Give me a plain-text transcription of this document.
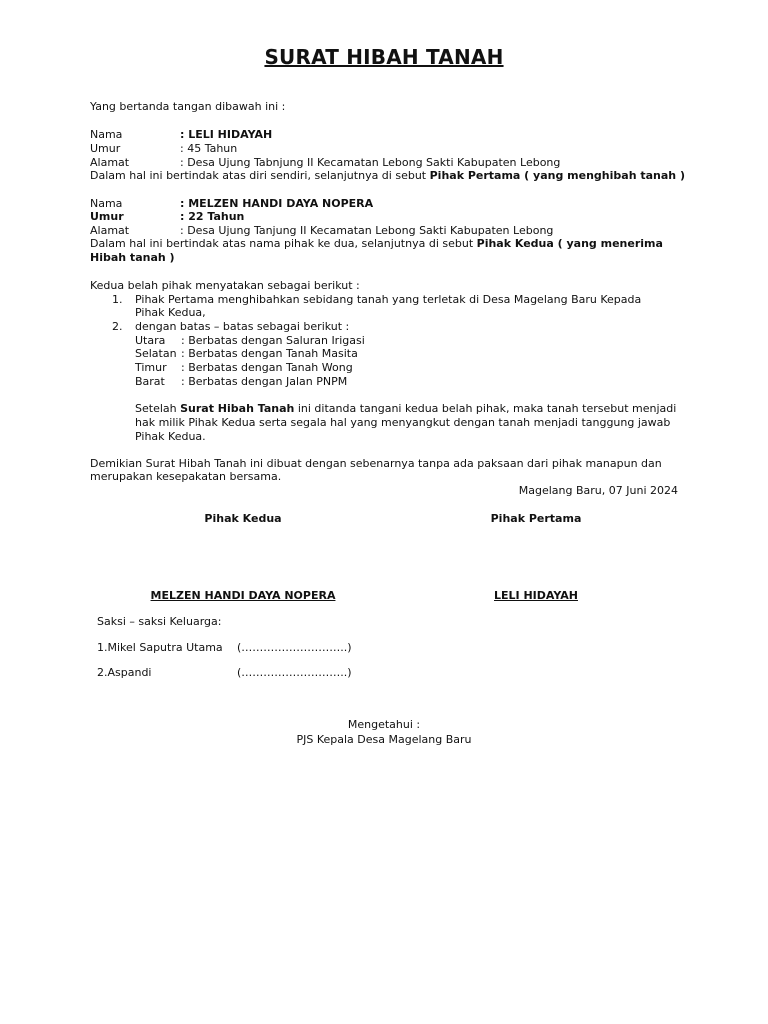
SURAT HIBAH TANAH
Yang bertanda tangan dibawah ini :
Nama	: LELI HIDAYAH
Umur	: 45 Tahun
Alamat	: Desa Ujung Tabnjung II Kecamatan Lebong Sakti Kabupaten Lebong
Dalam hal ini bertindak atas diri sendiri, selanjutnya di sebut Pihak Pertama ( yang menghibah tanah )
Nama	: MELZEN HANDI DAYA NOPERA
Umur	: 22 Tahun
Alamat	: Desa Ujung Tanjung II Kecamatan Lebong Sakti Kabupaten Lebong
Dalam hal ini bertindak atas nama pihak ke dua, selanjutnya di sebut Pihak Kedua ( yang menerima
Hibah tanah )
Kedua belah pihak menyatakan sebagai berikut :
1. Pihak Pertama menghibahkan sebidang tanah yang terletak di Desa Magelang Baru Kepada
Pihak Kedua,
2. dengan batas – batas sebagai berikut :
Utara : Berbatas dengan Saluran Irigasi
Selatan : Berbatas dengan Tanah Masita
Timur : Berbatas dengan Tanah Wong
Barat : Berbatas dengan Jalan PNPM
Setelah Surat Hibah Tanah ini ditanda tangani kedua belah pihak, maka tanah tersebut menjadi
hak milik Pihak Kedua serta segala hal yang menyangkut dengan tanah menjadi tanggung jawab
Pihak Kedua.
Demikian Surat Hibah Tanah ini dibuat dengan sebenarnya tanpa ada paksaan dari pihak manapun dan
merupakan kesepakatan bersama.
Magelang Baru, 07 Juni 2024
Pihak Kedua	Pihak Pertama
MELZEN HANDI DAYA NOPERA	LELI HIDAYAH
Saksi – saksi Keluarga:
1.Mikel Saputra Utama (………………………..)
2.Aspandi	(………………………..)
Mengetahui :
PJS Kepala Desa Magelang Baru
